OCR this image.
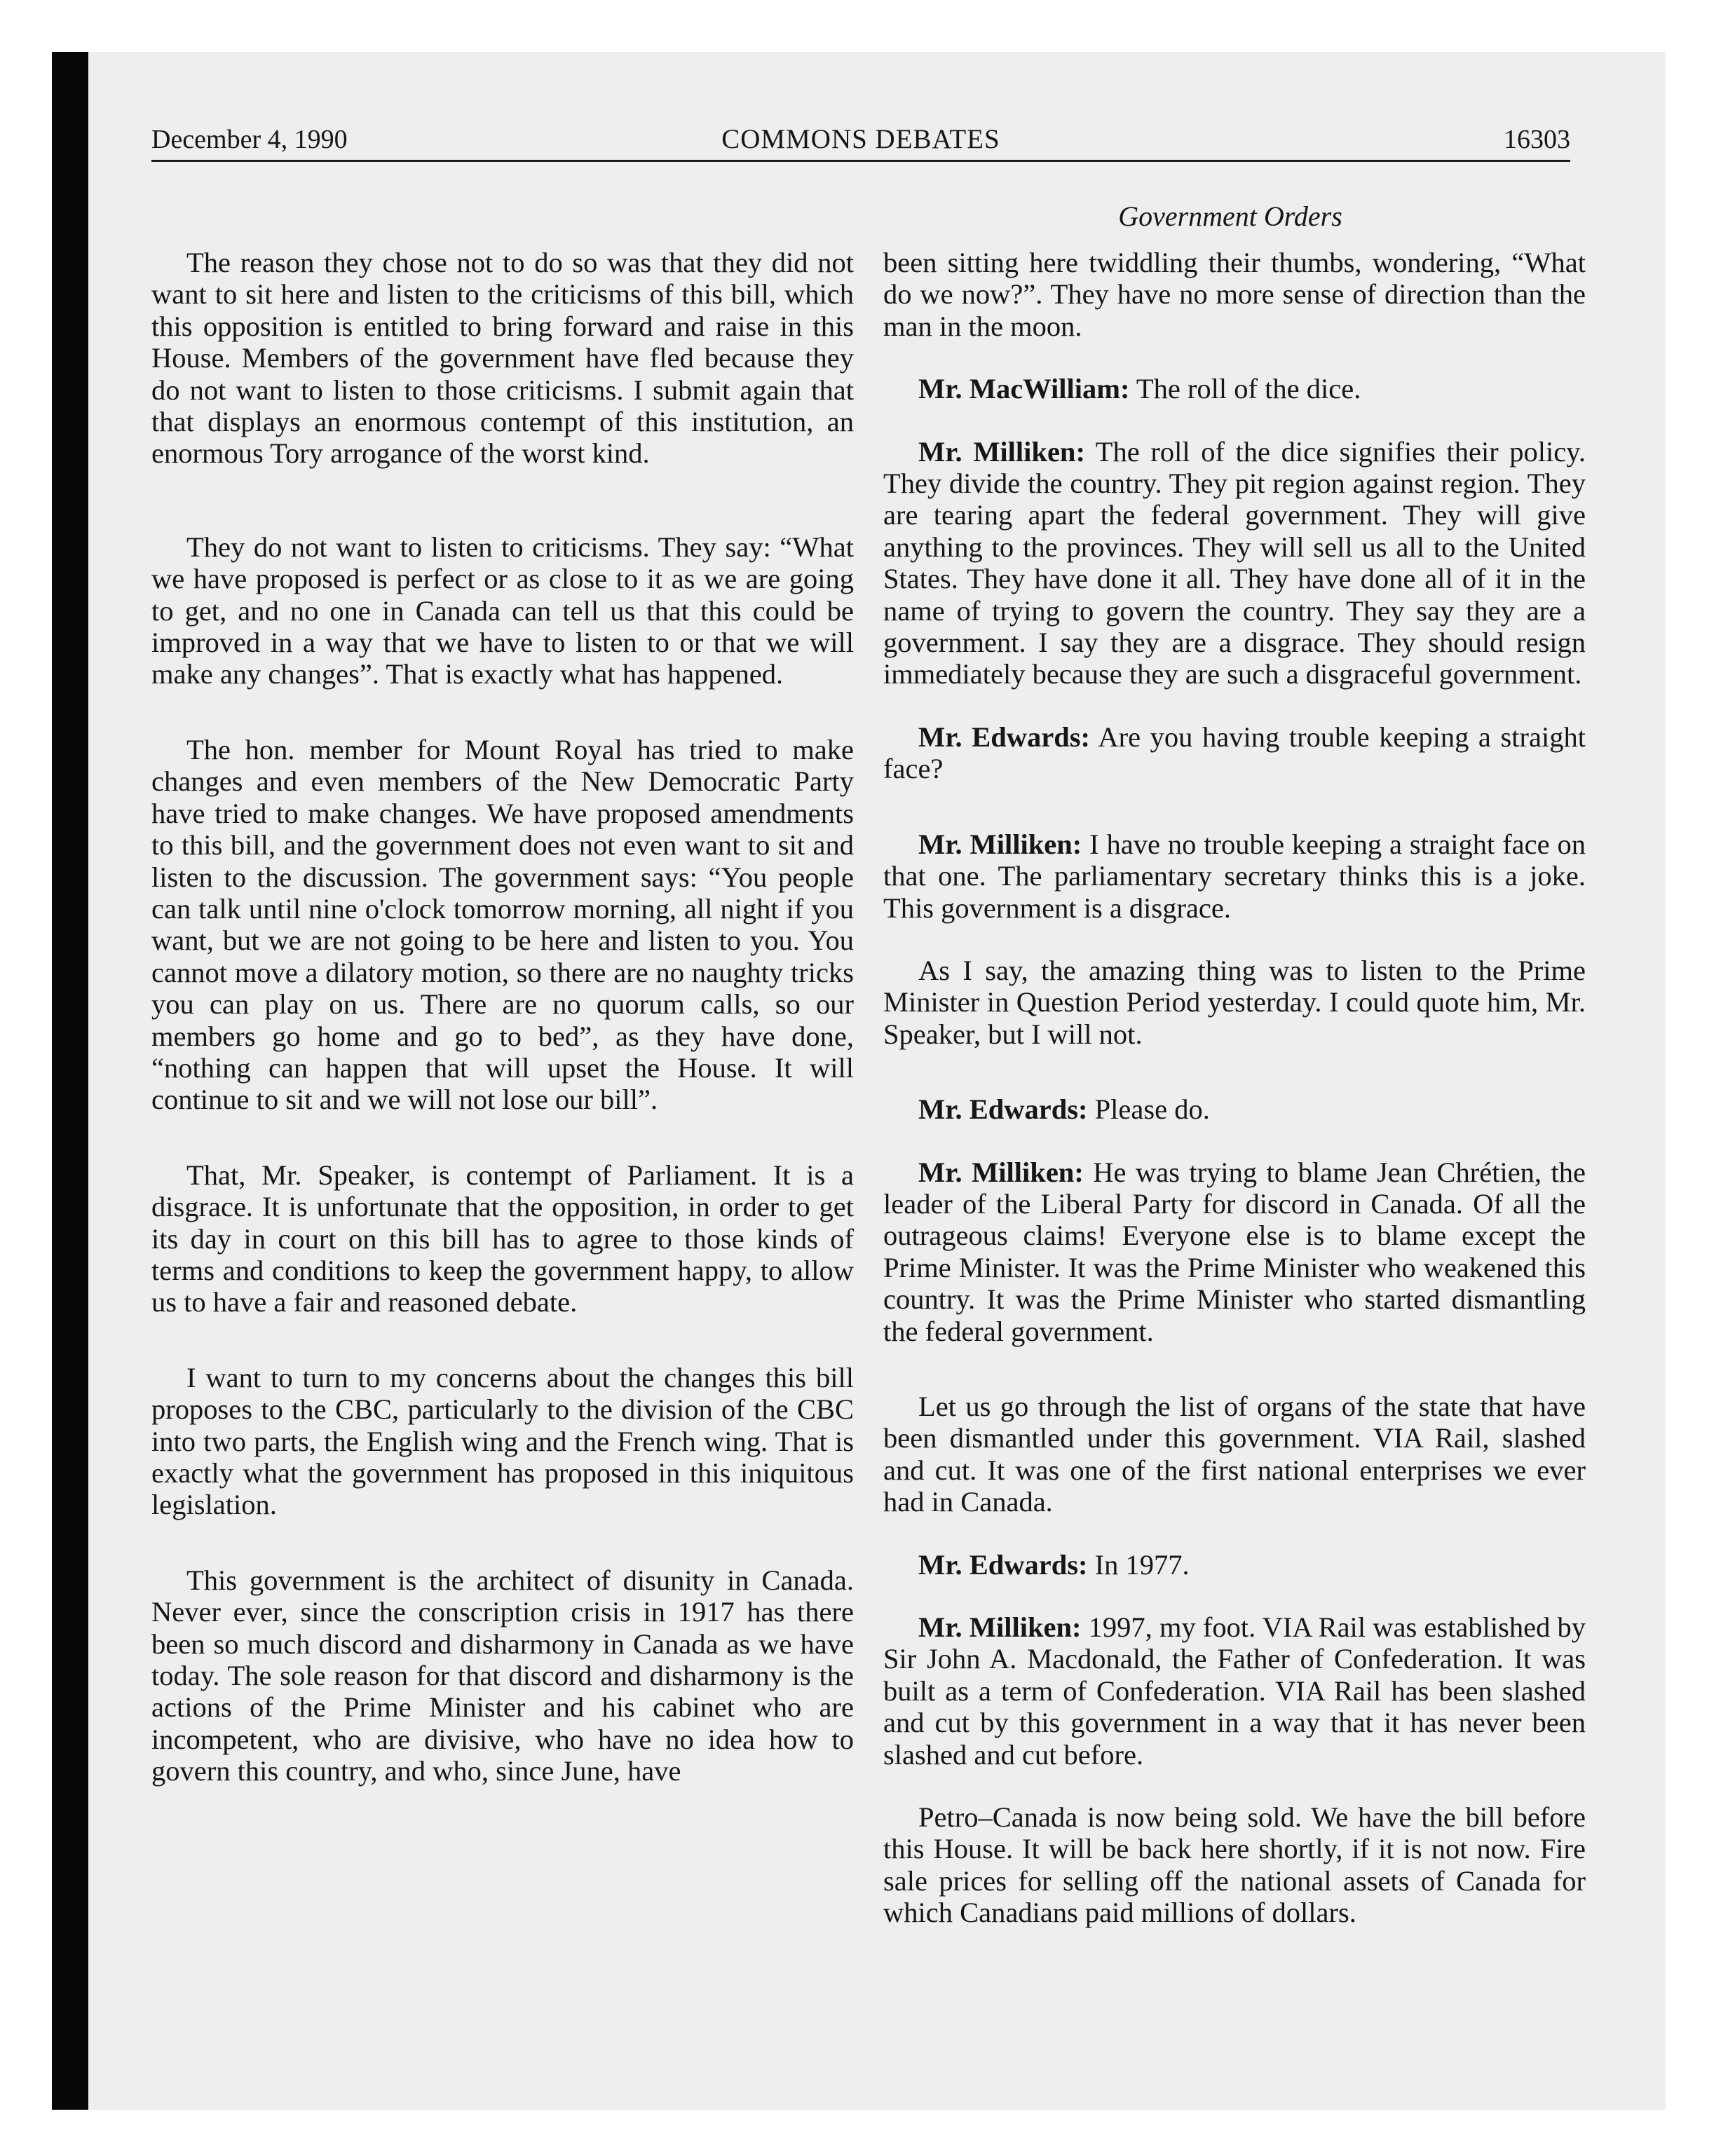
December 4, 1990	COMMONS DEBATES	16303
Government Orders

The reason they chose not to do so was that they did not want to sit here and listen to the criticisms of this bill, which this opposition is entitled to bring forward and raise in this House. Members of the government have fled because they do not want to listen to those criticisms. I submit again that that displays an enormous contempt of this institution, an enormous Tory arrogance of the worst kind.

They do not want to listen to criticisms. They say: “What we have proposed is perfect or as close to it as we are going to get, and no one in Canada can tell us that this could be improved in a way that we have to listen to or that we will make any changes”. That is exactly what has happened.

The hon. member for Mount Royal has tried to make changes and even members of the New Democratic Party have tried to make changes. We have proposed amendments to this bill, and the government does not even want to sit and listen to the discussion. The government says: “You people can talk until nine o'clock tomorrow morning, all night if you want, but we are not going to be here and listen to you. You cannot move a dilatory motion, so there are no naughty tricks you can play on us. There are no quorum calls, so our members go home and go to bed”, as they have done, “nothing can happen that will upset the House. It will continue to sit and we will not lose our bill”.

That, Mr. Speaker, is contempt of Parliament. It is a disgrace. It is unfortunate that the opposition, in order to get its day in court on this bill has to agree to those kinds of terms and conditions to keep the government happy, to allow us to have a fair and reasoned debate.

I want to turn to my concerns about the changes this bill proposes to the CBC, particularly to the division of the CBC into two parts, the English wing and the French wing. That is exactly what the government has proposed in this iniquitous legislation.

This government is the architect of disunity in Canada. Never ever, since the conscription crisis in 1917 has there been so much discord and disharmony in Canada as we have today. The sole reason for that discord and disharmony is the actions of the Prime Minister and his cabinet who are incompetent, who are divisive, who have no idea how to govern this country, and who, since June, have

been sitting here twiddling their thumbs, wondering, “What do we now?”. They have no more sense of direction than the man in the moon.

Mr. MacWilliam: The roll of the dice.

Mr. Milliken: The roll of the dice signifies their policy. They divide the country. They pit region against region. They are tearing apart the federal government. They will give anything to the provinces. They will sell us all to the United States. They have done it all. They have done all of it in the name of trying to govern the country. They say they are a government. I say they are a disgrace. They should resign immediately because they are such a disgraceful government.

Mr. Edwards: Are you having trouble keeping a straight face?

Mr. Milliken: I have no trouble keeping a straight face on that one. The parliamentary secretary thinks this is a joke. This government is a disgrace.

As I say, the amazing thing was to listen to the Prime Minister in Question Period yesterday. I could quote him, Mr. Speaker, but I will not.

Mr. Edwards: Please do.

Mr. Milliken: He was trying to blame Jean Chrétien, the leader of the Liberal Party for discord in Canada. Of all the outrageous claims! Everyone else is to blame except the Prime Minister. It was the Prime Minister who weakened this country. It was the Prime Minister who started dismantling the federal government.

Let us go through the list of organs of the state that have been dismantled under this government. VIA Rail, slashed and cut. It was one of the first national enterprises we ever had in Canada.

Mr. Edwards: In 1977.

Mr. Milliken: 1997, my foot. VIA Rail was established by Sir John A. Macdonald, the Father of Confederation. It was built as a term of Confederation. VIA Rail has been slashed and cut by this government in a way that it has never been slashed and cut before.

Petro–Canada is now being sold. We have the bill before this House. It will be back here shortly, if it is not now. Fire sale prices for selling off the national assets of Canada for which Canadians paid millions of dollars.
